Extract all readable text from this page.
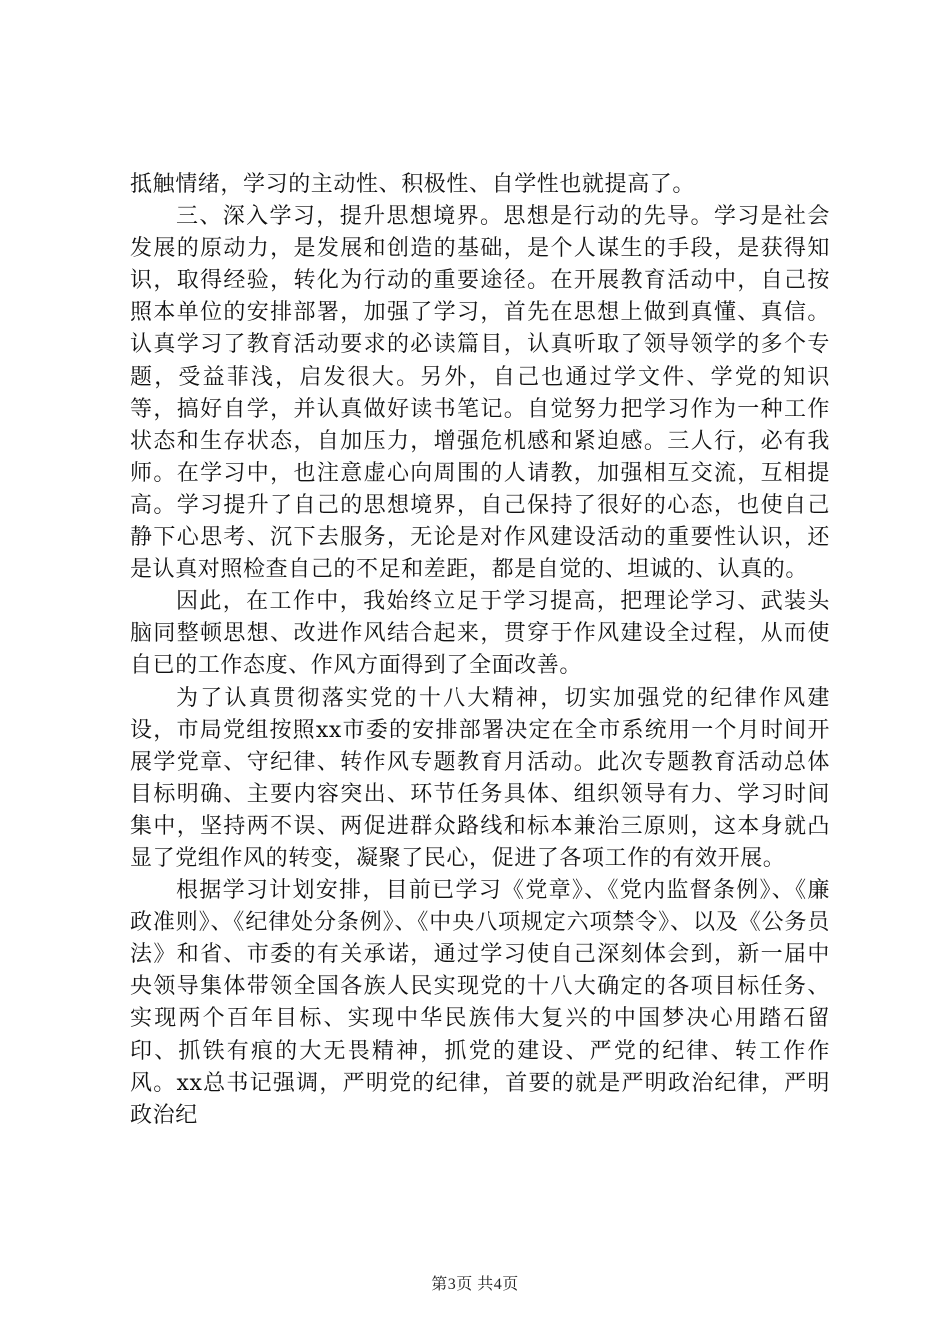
抵触情绪，学习的主动性、积极性、自学性也就提高了。

三、深入学习，提升思想境界。思想是行动的先导。学习是社会发展的原动力，是发展和创造的基础，是个人谋生的手段，是获得知识，取得经验，转化为行动的重要途径。在开展教育活动中，自己按照本单位的安排部署，加强了学习，首先在思想上做到真懂、真信。认真学习了教育活动要求的必读篇目，认真听取了领导领学的多个专题，受益菲浅，启发很大。另外，自己也通过学文件、学党的知识等，搞好自学，并认真做好读书笔记。自觉努力把学习作为一种工作状态和生存状态，自加压力，增强危机感和紧迫感。三人行，必有我师。在学习中，也注意虚心向周围的人请教，加强相互交流，互相提高。学习提升了自己的思想境界，自己保持了很好的心态，也使自己静下心思考、沉下去服务，无论是对作风建设活动的重要性认识，还是认真对照检查自己的不足和差距，都是自觉的、坦诚的、认真的。

因此，在工作中，我始终立足于学习提高，把理论学习、武装头脑同整顿思想、改进作风结合起来，贯穿于作风建设全过程，从而使自已的工作态度、作风方面得到了全面改善。

为了认真贯彻落实党的十八大精神，切实加强党的纪律作风建设，市局党组按照xx市委的安排部署决定在全市系统用一个月时间开展学党章、守纪律、转作风专题教育月活动。此次专题教育活动总体目标明确、主要内容突出、环节任务具体、组织领导有力、学习时间集中，坚持两不误、两促进群众路线和标本兼治三原则，这本身就凸显了党组作风的转变，凝聚了民心，促进了各项工作的有效开展。

根据学习计划安排，目前已学习《党章》、《党内监督条例》、《廉政准则》、《纪律处分条例》、《中央八项规定六项禁令》、以及《公务员法》和省、市委的有关承诺，通过学习使自己深刻体会到，新一届中央领导集体带领全国各族人民实现党的十八大确定的各项目标任务、实现两个百年目标、实现中华民族伟大复兴的中国梦决心用踏石留印、抓铁有痕的大无畏精神，抓党的建设、严党的纪律、转工作作风。xx总书记强调，严明党的纪律，首要的就是严明政治纪律，严明政治纪

第3页 共4页
